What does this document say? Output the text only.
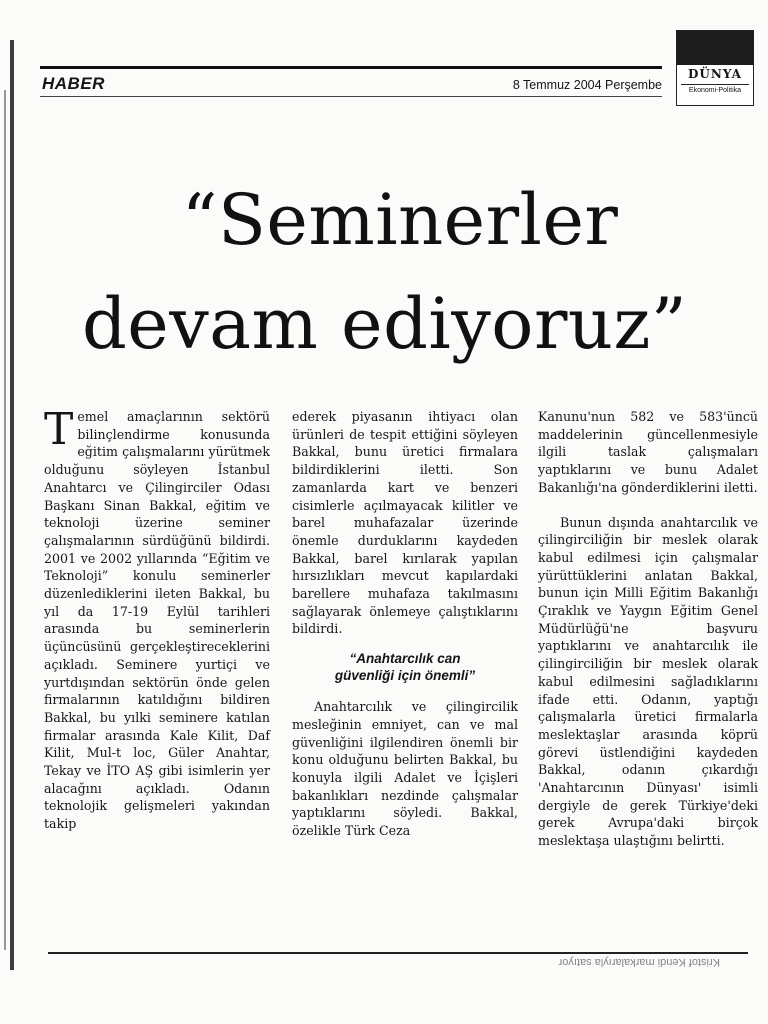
HABER	8 Temmuz 2004 Perşembe
DÜNYA
Ekonomi-Politika
“Seminerler
devam ediyoruz”

Temel amaçlarının sektörü bilinçlendirme konusunda eğitim çalışmalarını yürütmek olduğunu söyleyen İstanbul Anahtarcı ve Çilingirciler Odası Başkanı Sinan Bakkal, eğitim ve teknoloji üzerine seminer çalışmalarının sürdüğünü bildirdi. 2001 ve 2002 yıllarında “Eğitim ve Teknoloji” konulu seminerler düzenlediklerini ileten Bakkal, bu yıl da 17-19 Eylül tarihleri arasında bu seminerlerin üçüncüsünü gerçekleştireceklerini açıkladı. Seminere yurtiçi ve yurtdışından sektörün önde gelen firmalarının katıldığını bildiren Bakkal, bu yılki seminere katılan firmalar arasında Kale Kilit, Daf Kilit, Mul-t loc, Güler Anahtar, Tekay ve İTO AŞ gibi isimlerin yer alacağını açıkladı. Odanın teknolojik gelişmeleri yakından takip

ederek piyasanın ihtiyacı olan ürünleri de tespit ettiğini söyleyen Bakkal, bunu üretici firmalara bildirdiklerini iletti. Son zamanlarda kart ve benzeri cisimlerle açılmayacak kilitler ve barel muhafazalar üzerinde önemle durduklarını kaydeden Bakkal, barel kırılarak yapılan hırsızlıkları mevcut kapılardaki barellere muhafaza takılmasını sağlayarak önlemeye çalıştıklarını bildirdi.

“Anahtarcılık can
güvenliği için önemli”

Anahtarcılık ve çilingircilik mesleğinin emniyet, can ve mal güvenliğini ilgilendiren önemli bir konu olduğunu belirten Bakkal, bu konuyla ilgili Adalet ve İçişleri bakanlıkları nezdinde çalışmalar yaptıklarını söyledi. Bakkal, özelikle Türk Ceza

Kanunu'nun 582 ve 583'üncü maddelerinin güncellenmesiyle ilgili taslak çalışmaları yaptıklarını ve bunu Adalet Bakanlığı'na gönderdiklerini iletti.

Bunun dışında anahtarcılık ve çilingirciliğin bir meslek olarak kabul edilmesi için çalışmalar yürüttüklerini anlatan Bakkal, bunun için Milli Eğitim Bakanlığı Çıraklık ve Yaygın Eğitim Genel Müdürlüğü'ne başvuru yaptıklarını ve anahtarcılık ile çilingirciliğin bir meslek olarak kabul edilmesini sağladıklarını ifade etti. Odanın, yaptığı çalışmalarla üretici firmalarla meslektaşlar arasında köprü görevi üstlendiğini kaydeden Bakkal, odanın çıkardığı 'Anahtarcının Dünyası' isimli dergiyle de gerek Türkiye'deki gerek Avrupa'daki birçok meslektaşa ulaştığını belirtti.

Kristof Kendi markalarıyla satıyor
